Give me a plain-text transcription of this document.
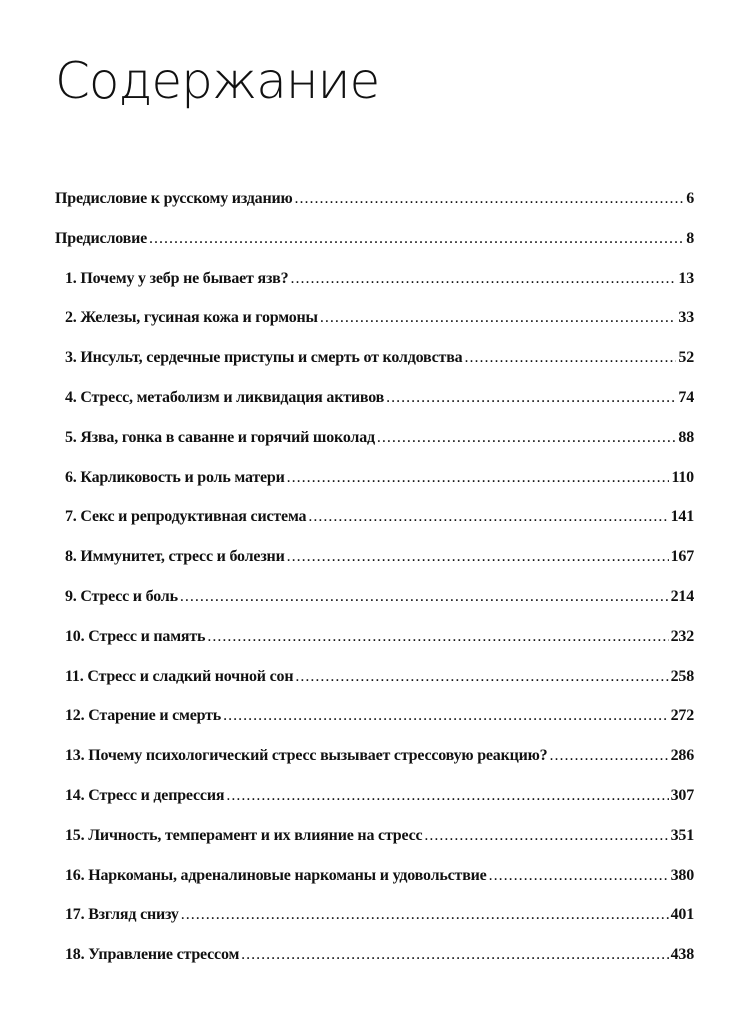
Содержание
Предисловие к русскому изданию .....	6
Предисловие .....	8
1. Почему у зебр не бывает язв? .....	13
2. Железы, гусиная кожа и гормоны .....	33
3. Инсульт, сердечные приступы и смерть от колдовства .....	52
4. Стресс, метаболизм и ликвидация активов .....	74
5. Язва, гонка в саванне и горячий шоколад .....	88
6. Карликовость и роль матери .....	110
7. Секс и репродуктивная система .....	141
8. Иммунитет, стресс и болезни .....	167
9. Стресс и боль .....	214
10. Стресс и память .....	232
11. Стресс и сладкий ночной сон .....	258
12. Старение и смерть .....	272
13. Почему психологический стресс вызывает стрессовую реакцию? .....	286
14. Стресс и депрессия .....	307
15. Личность, темперамент и их влияние на стресс .....	351
16. Наркоманы, адреналиновые наркоманы и удовольствие .....	380
17. Взгляд снизу .....	401
18. Управление стрессом .....	438
